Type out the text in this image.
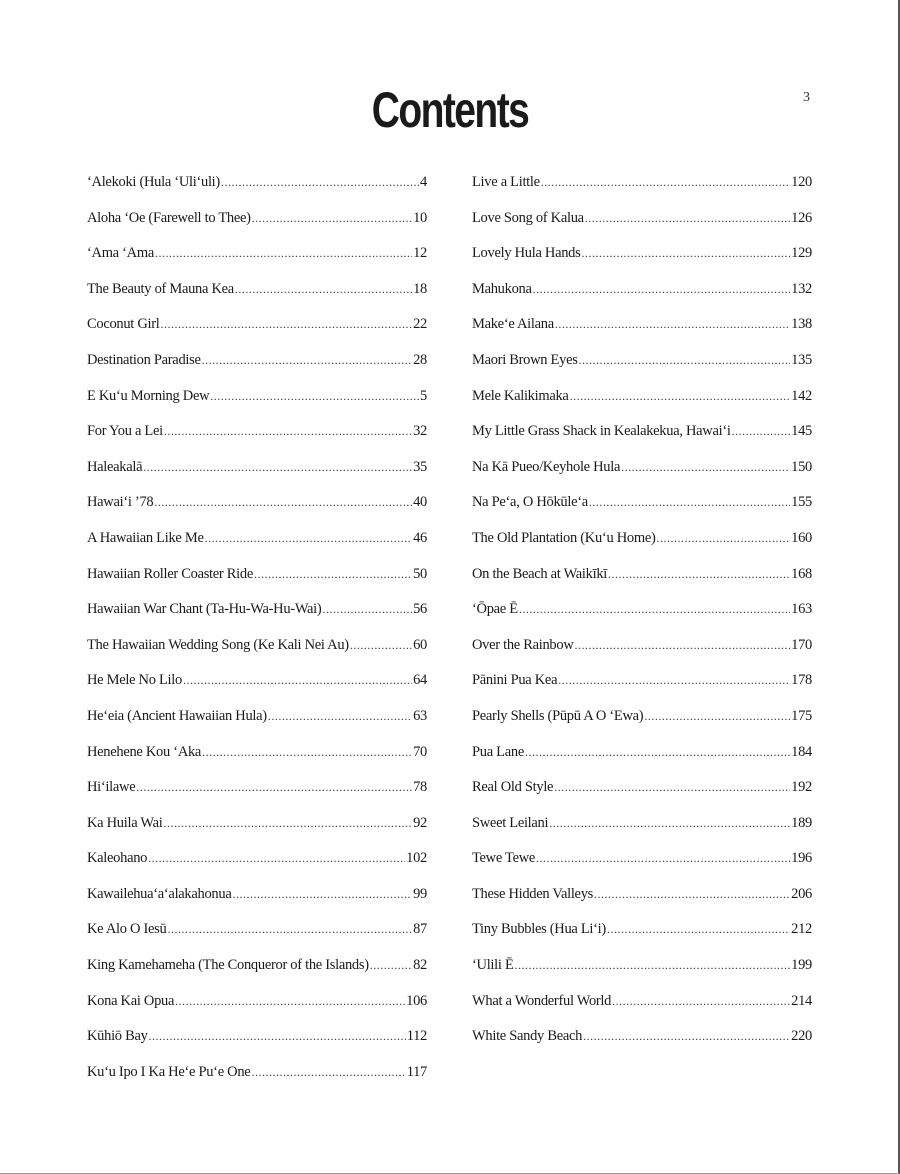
Contents	3
‘Alekoki (Hula ‘Uli‘uli) .....	4
Aloha ‘Oe (Farewell to Thee) .....	10
‘Ama ‘Ama .....	12
The Beauty of Mauna Kea .....	18
Coconut Girl .....	22
Destination Paradise .....	28
E Ku‘u Morning Dew .....	5
For You a Lei .....	32
Haleakalā .....	35
Hawai‘i ’78 .....	40
A Hawaiian Like Me .....	46
Hawaiian Roller Coaster Ride .....	50
Hawaiian War Chant (Ta-Hu-Wa-Hu-Wai) .....	56
The Hawaiian Wedding Song (Ke Kali Nei Au) .....	60
He Mele No Lilo .....	64
He‘eia (Ancient Hawaiian Hula) .....	63
Henehene Kou ‘Aka .....	70
Hi‘ilawe .....	78
Ka Huila Wai .....	92
Kaleohano .....	102
Kawailehua‘a‘alakahonua .....	99
Ke Alo O Iesū .....	87
King Kamehameha (The Conqueror of the Islands) .....	82
Kona Kai Opua .....	106
Kūhiō Bay .....	112
Ku‘u Ipo I Ka He‘e Pu‘e One .....	117
Live a Little .....	120
Love Song of Kalua .....	126
Lovely Hula Hands .....	129
Mahukona .....	132
Make‘e Ailana .....	138
Maori Brown Eyes .....	135
Mele Kalikimaka .....	142
My Little Grass Shack in Kealakekua, Hawai‘i .....	145
Na Kā Pueo/Keyhole Hula .....	150
Na Pe‘a, O Hōkūle‘a .....	155
The Old Plantation (Ku‘u Home) .....	160
On the Beach at Waikīkī .....	168
‘Ōpae Ē .....	163
Over the Rainbow .....	170
Pānini Pua Kea .....	178
Pearly Shells (Pūpū A O ‘Ewa) .....	175
Pua Lane .....	184
Real Old Style .....	192
Sweet Leilani .....	189
Tewe Tewe .....	196
These Hidden Valleys .....	206
Tiny Bubbles (Hua Li‘i) .....	212
‘Ulili Ē .....	199
What a Wonderful World .....	214
White Sandy Beach .....	220
